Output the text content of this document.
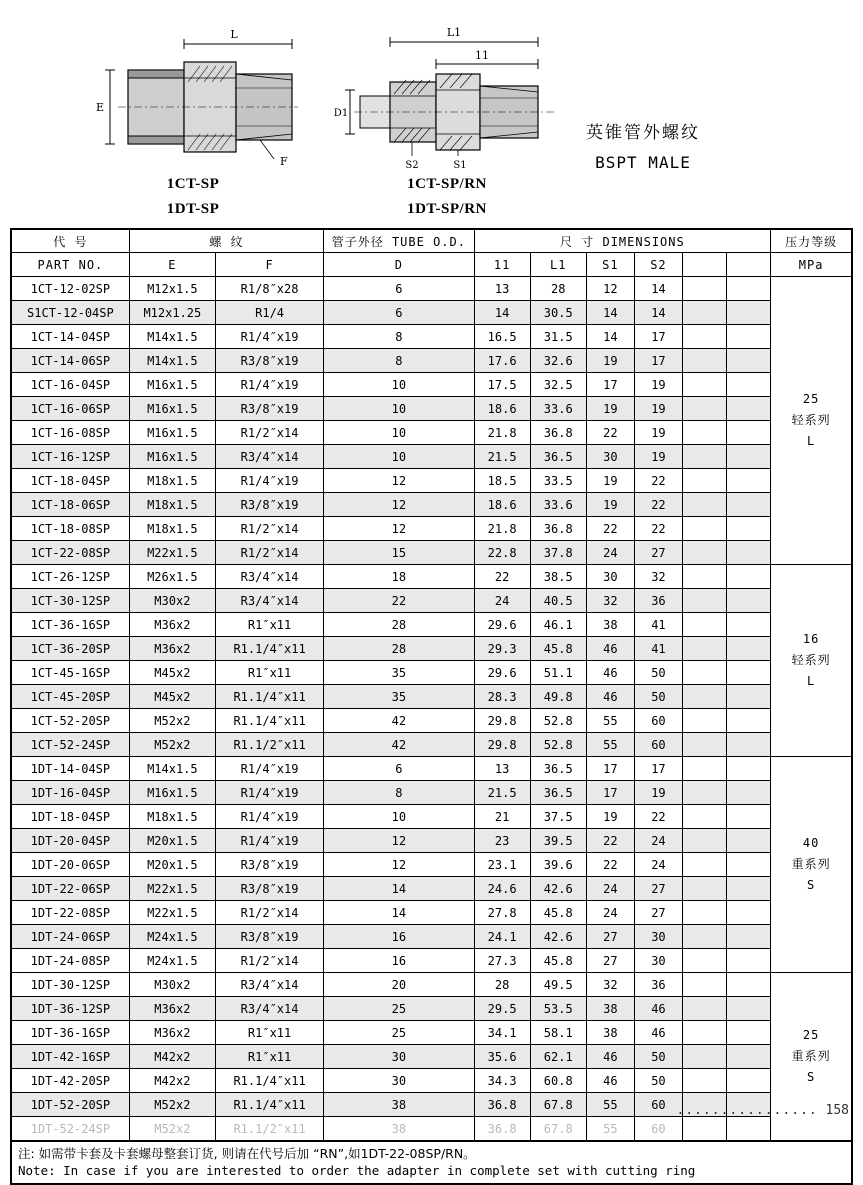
L
E
F
1CT-SP
1DT-SP
L1
11
D1
S2	S1
1CT-SP/RN
1DT-SP/RN
英锥管外螺纹
BSPT MALE
代 号	螺 纹		管子外径 TUBE O.D.	尺 寸 DIMENSIONS						压力等级
PART NO.	E	F	D	11	L1	S1	S2			MPa
1CT-12-02SP	M12x1.5	R1/8″x28	6	13	28	12	14			25
轻系列
L

S1CT-12-04SP	M12x1.25	R1/4	6	14	30.5	14	14			
1CT-14-04SP	M14x1.5	R1/4″x19	8	16.5	31.5	14	17			
1CT-14-06SP	M14x1.5	R3/8″x19	8	17.6	32.6	19	17			
1CT-16-04SP	M16x1.5	R1/4″x19	10	17.5	32.5	17	19			
1CT-16-06SP	M16x1.5	R3/8″x19	10	18.6	33.6	19	19			
1CT-16-08SP	M16x1.5	R1/2″x14	10	21.8	36.8	22	19			
1CT-16-12SP	M16x1.5	R3/4″x14	10	21.5	36.5	30	19			
1CT-18-04SP	M18x1.5	R1/4″x19	12	18.5	33.5	19	22			
1CT-18-06SP	M18x1.5	R3/8″x19	12	18.6	33.6	19	22			
1CT-18-08SP	M18x1.5	R1/2″x14	12	21.8	36.8	22	22			
1CT-22-08SP	M22x1.5	R1/2″x14	15	22.8	37.8	24	27			
1CT-26-12SP	M26x1.5	R3/4″x14	18	22	38.5	30	32			16
轻系列
L

1CT-30-12SP	M30x2	R3/4″x14	22	24	40.5	32	36			
1CT-36-16SP	M36x2	R1″x11	28	29.6	46.1	38	41			
1CT-36-20SP	M36x2	R1.1/4″x11	28	29.3	45.8	46	41			
1CT-45-16SP	M45x2	R1″x11	35	29.6	51.1	46	50			
1CT-45-20SP	M45x2	R1.1/4″x11	35	28.3	49.8	46	50			
1CT-52-20SP	M52x2	R1.1/4″x11	42	29.8	52.8	55	60			
1CT-52-24SP	M52x2	R1.1/2″x11	42	29.8	52.8	55	60			
1DT-14-04SP	M14x1.5	R1/4″x19	6	13	36.5	17	17			40
重系列
S

1DT-16-04SP	M16x1.5	R1/4″x19	8	21.5	36.5	17	19			
1DT-18-04SP	M18x1.5	R1/4″x19	10	21	37.5	19	22			
1DT-20-04SP	M20x1.5	R1/4″x19	12	23	39.5	22	24			
1DT-20-06SP	M20x1.5	R3/8″x19	12	23.1	39.6	22	24			
1DT-22-06SP	M22x1.5	R3/8″x19	14	24.6	42.6	24	27			
1DT-22-08SP	M22x1.5	R1/2″x14	14	27.8	45.8	24	27			
1DT-24-06SP	M24x1.5	R3/8″x19	16	24.1	42.6	27	30			
1DT-24-08SP	M24x1.5	R1/2″x14	16	27.3	45.8	27	30			
1DT-30-12SP	M30x2	R3/4″x14	20	28	49.5	32	36			25
重系列
S

1DT-36-12SP	M36x2	R3/4″x14	25	29.5	53.5	38	46			
1DT-36-16SP	M36x2	R1″x11	25	34.1	58.1	38	46			
1DT-42-16SP	M42x2	R1″x11	30	35.6	62.1	46	50			
1DT-42-20SP	M42x2	R1.1/4″x11	30	34.3	60.8	46	50			
1DT-52-20SP	M52x2	R1.1/4″x11	38	36.8	67.8	55	60			
1DT-52-24SP	M52x2	R1.1/2″x11	38	36.8	67.8	55	60			
注: 如需带卡套及卡套螺母整套订货, 则请在代号后加 “RN”,如1DT-22-08SP/RN。
Note: In case if you are interested to order the adapter in complete set with cutting ring
................ 158
